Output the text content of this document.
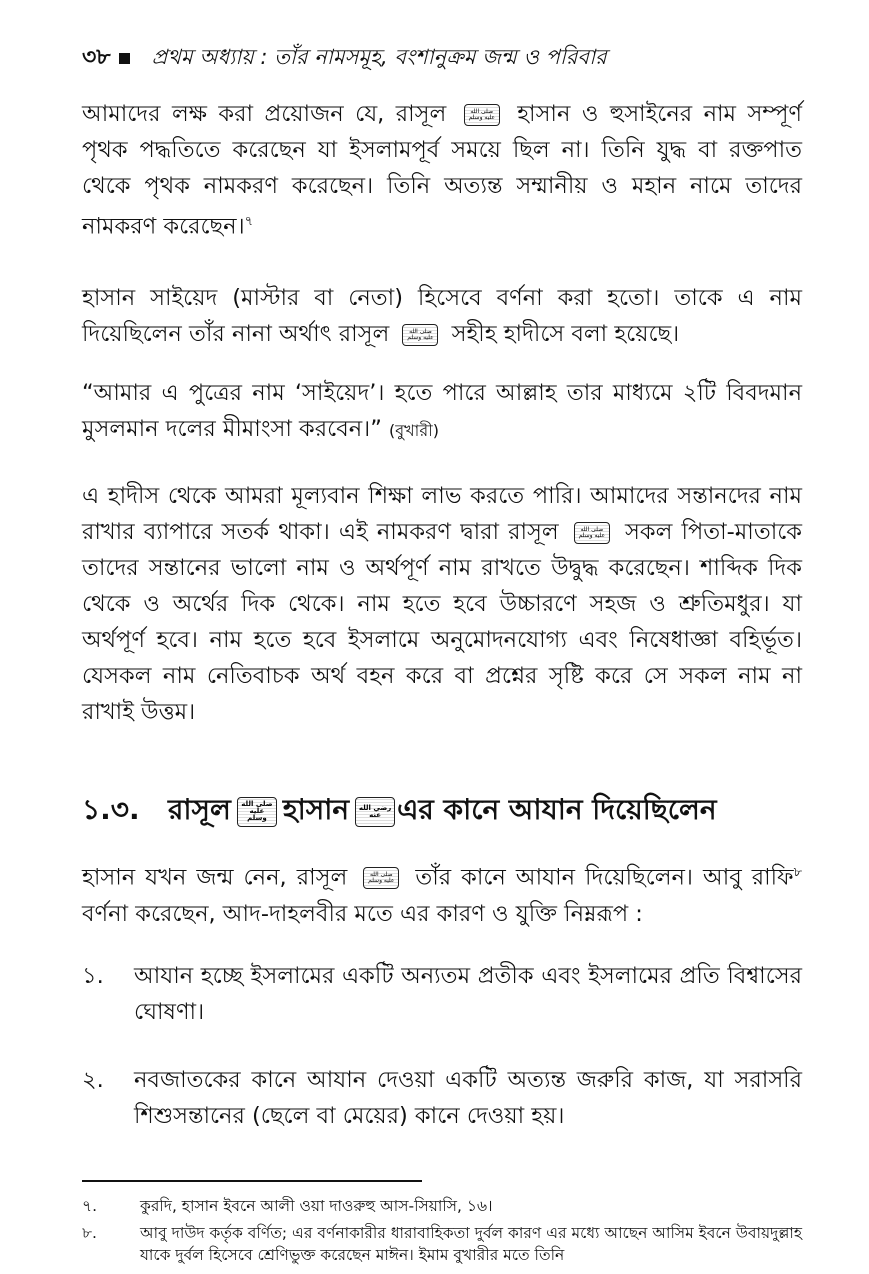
৩৮ প্রথম অধ্যায় : তাঁর নামসমূহ, বংশানুক্রম জন্ম ও পরিবার

আমাদের লক্ষ করা প্রয়োজন যে, রাসূল	صلى الله
عليه وسلم হাসান ও হুসাইনের নাম সম্পূর্ণ পৃথক পদ্ধতিতে করেছেন যা ইসলামপূর্ব সময়ে ছিল না। তিনি যুদ্ধ বা রক্তপাত থেকে পৃথক নামকরণ করেছেন। তিনি অত্যন্ত সম্মানীয় ও মহান নামে তাদের নামকরণ করেছেন।$^৭$

হাসান সাইয়েদ (মাস্টার বা নেতা) হিসেবে বর্ণনা করা হতো। তাকে এ নাম দিয়েছিলেন তাঁর নানা অর্থাৎ রাসূল	صلى الله
عليه وسلم সহীহ হাদীসে বলা হয়েছে।

“আমার এ পুত্রের নাম ‘সাইয়েদ’। হতে পারে আল্লাহ তার মাধ্যমে ২টি বিবদমান মুসলমান দলের মীমাংসা করবেন।” (বুখারী)

এ হাদীস থেকে আমরা মূল্যবান শিক্ষা লাভ করতে পারি। আমাদের সন্তানদের নাম রাখার ব্যাপারে সতর্ক থাকা। এই নামকরণ দ্বারা রাসূল	صلى الله
عليه وسلم সকল পিতা-মাতাকে তাদের সন্তানের ভালো নাম ও অর্থপূর্ণ নাম রাখতে উদ্বুদ্ধ করেছেন। শাব্দিক দিক থেকে ও অর্থের দিক থেকে। নাম হতে হবে উচ্চারণে সহজ ও শ্রুতিমধুর। যা অর্থপূর্ণ হবে। নাম হতে হবে ইসলামে অনুমোদনযোগ্য এবং নিষেধাজ্ঞা বহির্ভূত। যেসকল নাম নেতিবাচক অর্থ বহন করে বা প্রশ্নের সৃষ্টি করে সে সকল নাম না রাখাই উত্তম।

১.৩.	রাসূল صلى الله
عليه
وسلم হাসান رضي الله
عنه এর কানে আযান দিয়েছিলেন

হাসান যখন জন্ম নেন, রাসূল	صلى الله
عليه وسلم তাঁর কানে আযান দিয়েছিলেন। আবু রাফি$^৮$ বর্ণনা করেছেন, আদ-দাহলবীর মতে এর কারণ ও যুক্তি নিম্নরূপ :

১.	আযান হচ্ছে ইসলামের একটি অন্যতম প্রতীক এবং ইসলামের প্রতি বিশ্বাসের ঘোষণা।
২.	নবজাতকের কানে আযান দেওয়া একটি অত্যন্ত জরুরি কাজ, যা সরাসরি শিশুসন্তানের (ছেলে বা মেয়ের) কানে দেওয়া হয়।
৭.	কুরদি, হাসান ইবনে আলী ওয়া দাওরুহু আস-সিয়াসি, ১৬।
৮.	আবু দাউদ কর্তৃক বর্ণিত; এর বর্ণনাকারীর ধারাবাহিকতা দুর্বল কারণ এর মধ্যে আছেন আসিম ইবনে উবায়দুল্লাহ যাকে দুর্বল হিসেবে শ্রেণিভুক্ত করেছেন মাঈন। ইমাম বুখারীর মতে তিনি
